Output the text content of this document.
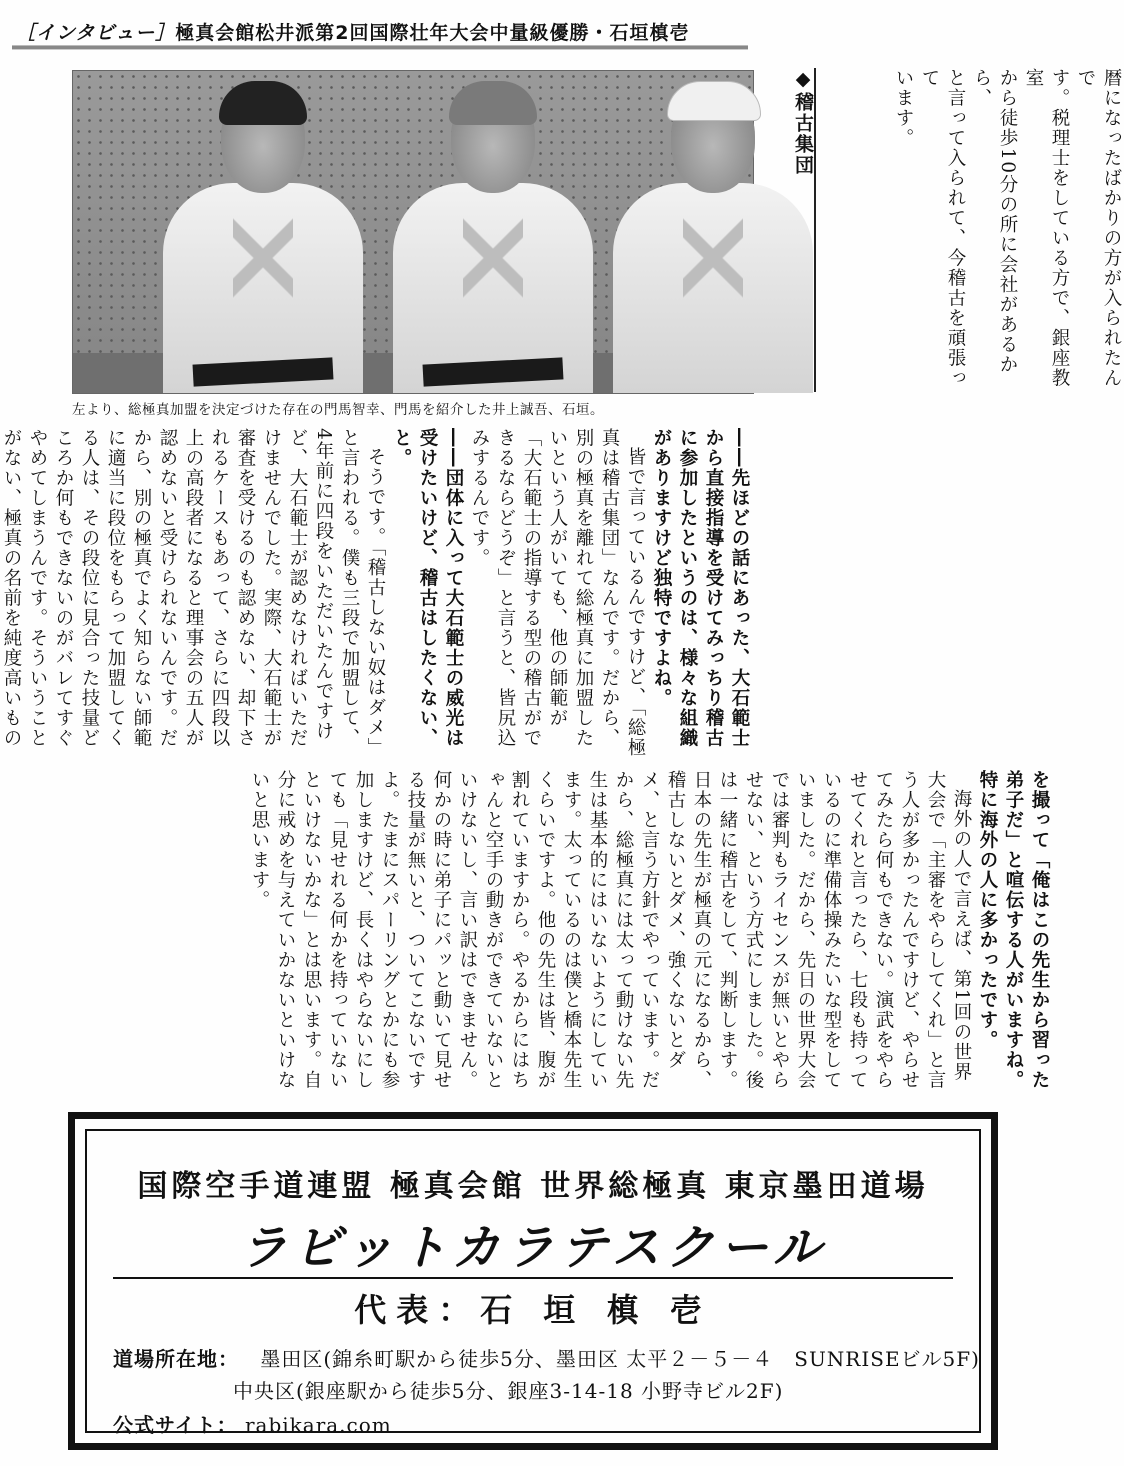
［インタビュー］極真会館松井派第2回国際壮年大会中量級優勝・石垣槙壱

暦になったばかりの方が入られたんで

す。税理士をしている方で、銀座教室

から徒歩10分の所に会社があるから、

と言って入られて、今稽古を頑張って

います。

◆稽古集団
左より、総極真加盟を決定づけた存在の門馬智幸、門馬を紹介した井上誠吾、石垣。

――先ほどの話にあった、大石範士から直接指導を受けてみっちり稽古に参加したというのは、様々な組織がありますけど独特ですよね。

皆で言っているんですけど、「総極真は稽古集団」なんです。だから、別の極真を離れて総極真に加盟したいという人がいても、他の師範が「大石範士の指導する型の稽古ができるならどうぞ」と言うと、皆尻込みするんです。

――団体に入って大石範士の威光は受けたいけど、稽古はしたくない、と。

そうです。「稽古しない奴はダメ」と言われる。僕も三段で加盟して、4年前に四段をいただいたんですけど、大石範士が認めなければいただけませんでした。実際、大石範士が審査を受けるのも認めない、却下されるケースもあって、さらに四段以上の高段者になると理事会の五人が認めないと受けられないんです。だから、別の極真でよく知らない師範に適当に段位をもらって加盟してくる人は、その段位に見合った技量どころか何もできないのがバレてすぐやめてしまうんです。そういうことがない、極真の名前を純度高いもの

を撮って「俺はこの先生から習った弟子だ」と喧伝する人がいますね。特に海外の人に多かったです。

海外の人で言えば、第1回の世界大会で「主審をやらしてくれ」と言う人が多かったんですけど、やらせてみたら何もできない。演武をやらせてくれと言ったら、七段も持っているのに準備体操みたいな型をしていました。だから、先日の世界大会では審判もライセンスが無いとやらせない、という方式にしました。後は一緒に稽古をして、判断します。日本の先生が極真の元になるから、稽古しないとダメ、強くないとダメ、と言う方針でやっています。だから、総極真には太って動けない先生は基本的にはいないようにしています。太っているのは僕と橋本先生くらいですよ。他の先生は皆、腹が割れていますから。やるからにはちゃんと空手の動きができていないといけないし、言い訳はできません。何かの時に弟子にパッと動いて見せる技量が無いと、ついてこないですよ。たまにスパーリングとかにも参加しますけど、長くはやらないにしても「見せれる何かを持っていないといけないかな」とは思います。自分に戒めを与えていかないといけないと思います。

国際空手道連盟 極真会館 世界総極真 東京墨田道場
ラビットカラテスクール
代表：石 垣 槙 壱
道場所在地： 墨田区(錦糸町駅から徒歩5分、墨田区 太平２－５－４　SUNRISEビル5F)
中央区(銀座駅から徒歩5分、銀座3-14-18 小野寺ビル2F)
公式サイト： rabikara.com
